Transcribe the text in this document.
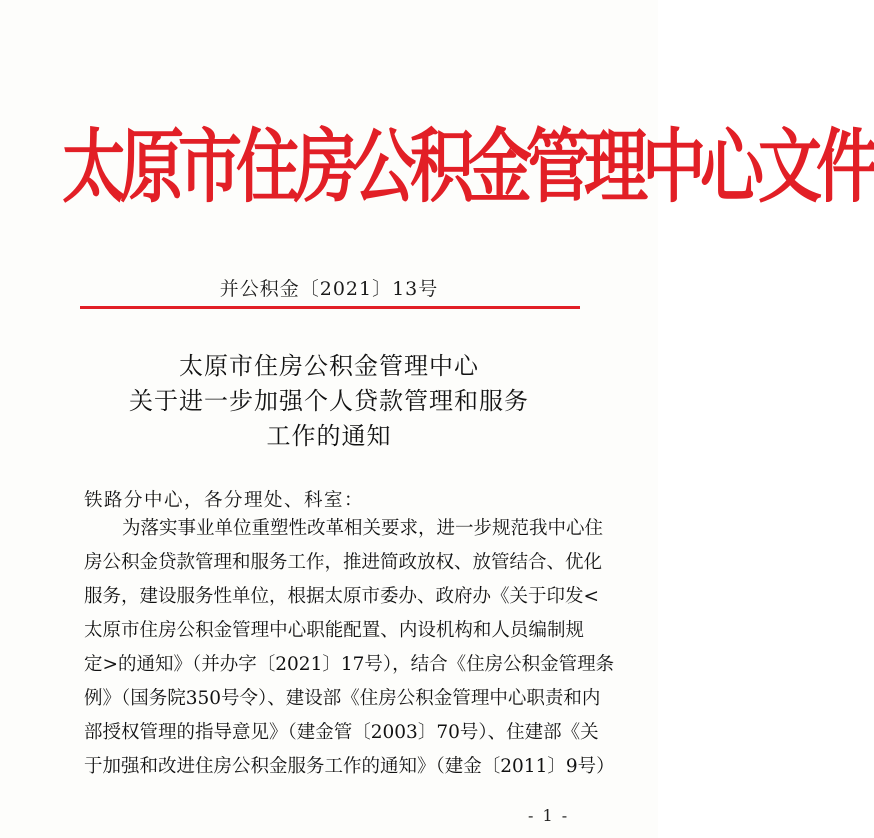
太原市住房公积金管理中心文件
并公积金〔2021〕13号
太原市住房公积金管理中心
关于进一步加强个人贷款管理和服务
工作的通知
铁路分中心，各分理处、科室：
为落实事业单位重塑性改革相关要求，进一步规范我中心住
房公积金贷款管理和服务工作，推进简政放权、放管结合、优化
服务，建设服务性单位，根据太原市委办、政府办《关于印发<
太原市住房公积金管理中心职能配置、内设机构和人员编制规
定>的通知》（并办字〔2021〕17号），结合《住房公积金管理条
例》（国务院350号令）、建设部《住房公积金管理中心职责和内
部授权管理的指导意见》（建金管〔2003〕70号）、住建部《关
于加强和改进住房公积金服务工作的通知》（建金〔2011〕9号）
- 1 -
